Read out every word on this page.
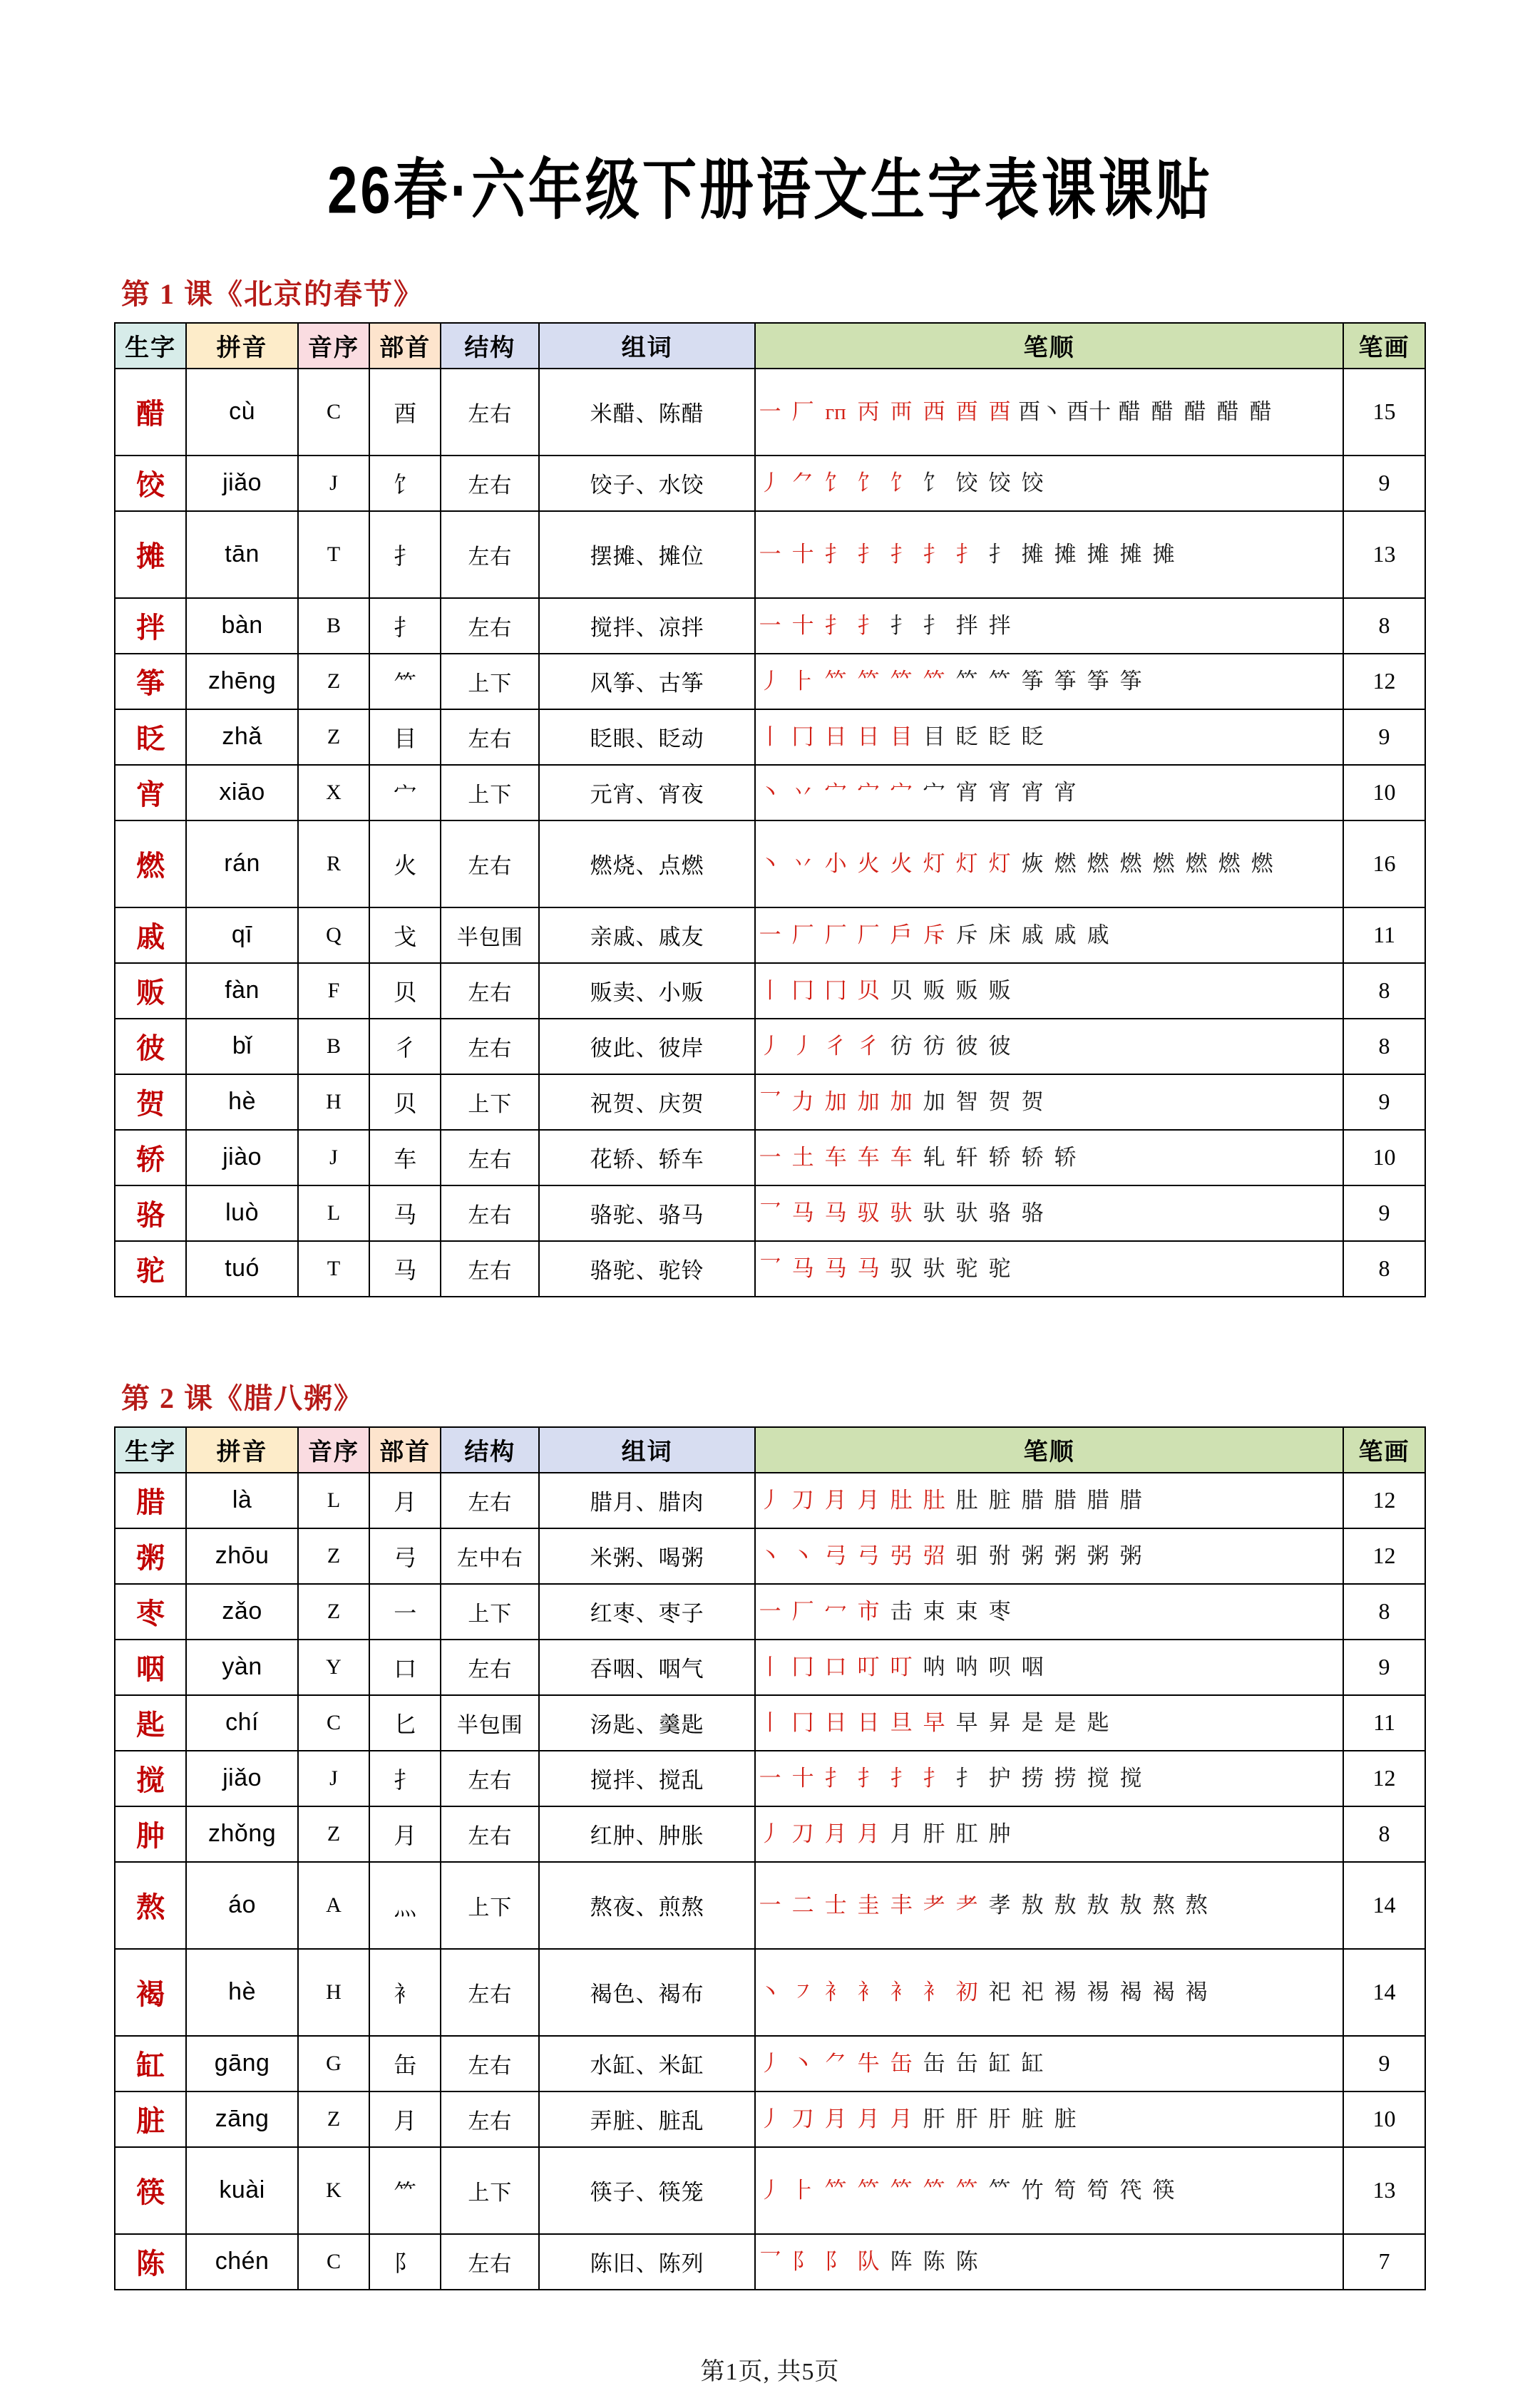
26春·六年级下册语文生字表课课贴
第 1 课《北京的春节》
生字	拼音	音序	部首	结构	组词	笔顺	笔画
醋	cù	C	酉	左右	米醋、陈醋	一 厂 гп 丙 襾 西 酉 酉 酉丶 酉十 醋 醋 醋 醋 醋	15
饺	jiǎo	J	饣	左右	饺子、水饺	丿 ⺈ 饣 饣 饣 饣 饺 饺 饺	9
摊	tān	T	扌	左右	摆摊、摊位	一 十 扌 扌 扌 扌 扌 扌 摊 摊 摊 摊 摊	13
拌	bàn	B	扌	左右	搅拌、凉拌	一 十 扌 扌 扌 扌 拌 拌	8
筝	zhēng	Z	⺮	上下	风筝、古筝	丿 ⺊ 𥫗 𥫗 𥫗 𥫗 𥫗 𥫗 筝 筝 筝 筝	12
眨	zhǎ	Z	目	左右	眨眼、眨动	丨 冂 日 日 目 目 眨 眨 眨	9
宵	xiāo	X	宀	上下	元宵、宵夜	丶 丷 宀 宀 宀 宀 宵 宵 宵 宵	10
燃	rán	R	火	左右	燃烧、点燃	丶 丷 小 火 火 灯 灯 灯 烣 燃 燃 燃 燃 燃 燃 燃	16
戚	qī	Q	戈	半包围	亲戚、戚友	一 厂 厂 厂 戶 斥 斥 床 戚 戚 戚	11
贩	fàn	F	贝	左右	贩卖、小贩	丨 冂 冂 贝 贝 贩 贩 贩	8
彼	bǐ	B	彳	左右	彼此、彼岸	丿 丿 彳 彳 彷 彷 彼 彼	8
贺	hè	H	贝	上下	祝贺、庆贺	乛 力 加 加 加 加 智 贺 贺	9
轿	jiào	J	车	左右	花轿、轿车	一 土 车 车 车 轧 轩 轿 轿 轿	10
骆	luò	L	马	左右	骆驼、骆马	乛 马 马 驭 驮 驮 驮 骆 骆	9
驼	tuó	T	马	左右	骆驼、驼铃	乛 马 马 马 驭 驮 驼 驼	8
第 2 课《腊八粥》
生字	拼音	音序	部首	结构	组词	笔顺	笔画
腊	là	L	月	左右	腊月、腊肉	丿 刀 月 月 肚 肚 肚 脏 腊 腊 腊 腊	12
粥	zhōu	Z	弓	左中右	米粥、喝粥	丶 丶 弓 弓 弜 弨 驲 弣 粥 粥 粥 粥	12
枣	zǎo	Z	一	上下	红枣、枣子	一 厂 冖 市 击 束 束 枣	8
咽	yàn	Y	口	左右	吞咽、咽气	丨 冂 口 叮 叮 呐 呐 呗 咽	9
匙	chí	C	匕	半包围	汤匙、羹匙	丨 冂 日 日 旦 早 早 昇 是 是 匙	11
搅	jiǎo	J	扌	左右	搅拌、搅乱	一 十 扌 扌 扌 扌 扌 护 捞 捞 搅 搅	12
肿	zhǒng	Z	月	左右	红肿、肿胀	丿 刀 月 月 月 肝 肛 肿	8
熬	áo	A	灬	上下	熬夜、煎熬	一 二 士 圭 丰 耂 耂 孝 敖 敖 敖 敖 熬 熬	14
褐	hè	H	衤	左右	褐色、褐布	丶 ㇇ 衤 衤 衤 衤 初 祀 祀 裼 裼 褐 褐 褐	14
缸	gāng	G	缶	左右	水缸、米缸	丿 丶 ⺈ 牛 缶 缶 缶 缸 缸	9
脏	zāng	Z	月	左右	弄脏、脏乱	丿 刀 月 月 月 肝 肝 肝 脏 脏	10
筷	kuài	K	⺮	上下	筷子、筷笼	丿 ⺊ 𥫗 𥫗 𥫗 𥫗 𥫗 𥫗 竹 笱 笱 笩 筷	13
陈	chén	C	阝	左右	陈旧、陈列	乛 阝 阝 队 阵 陈 陈	7
第1页, 共5页
